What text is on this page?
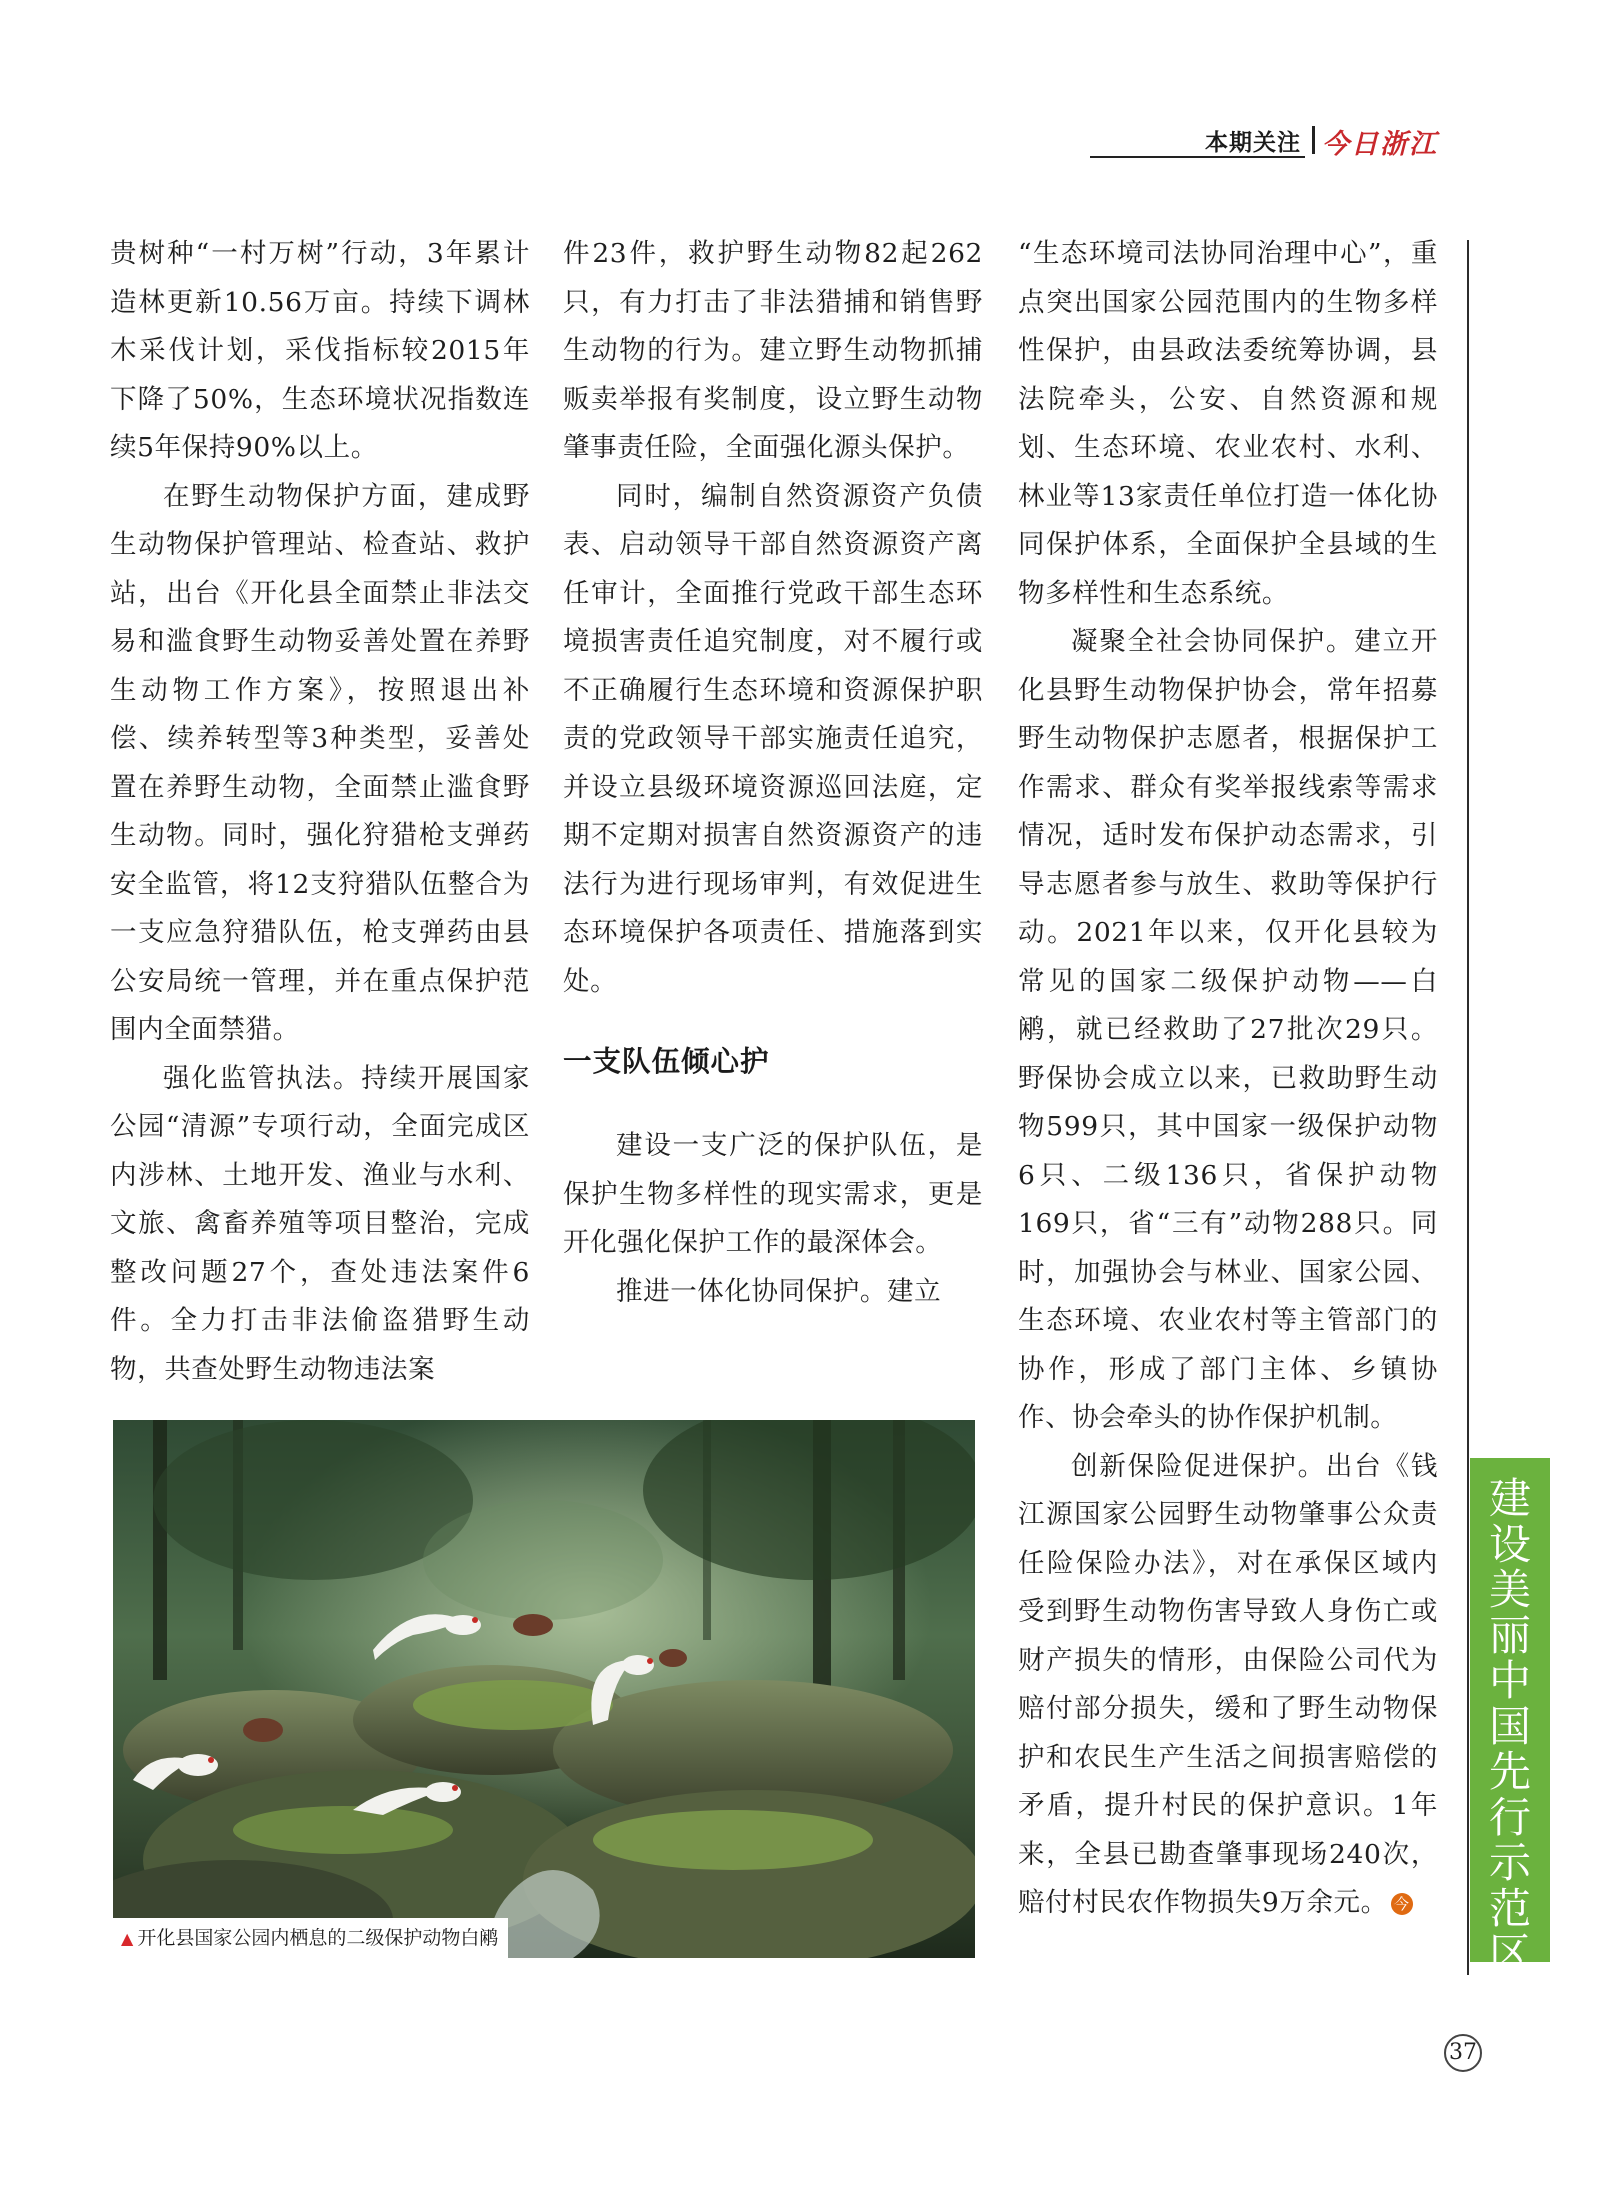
本期关注 今日浙江

贵树种“一村万树”行动，3年累计造林更新10.56万亩。持续下调林木采伐计划，采伐指标较2015年下降了50%，生态环境状况指数连续5年保持90%以上。

在野生动物保护方面，建成野生动物保护管理站、检查站、救护站，出台《开化县全面禁止非法交易和滥食野生动物妥善处置在养野生动物工作方案》，按照退出补偿、续养转型等3种类型，妥善处置在养野生动物，全面禁止滥食野生动物。同时，强化狩猎枪支弹药安全监管，将12支狩猎队伍整合为一支应急狩猎队伍，枪支弹药由县公安局统一管理，并在重点保护范围内全面禁猎。

强化监管执法。持续开展国家公园“清源”专项行动，全面完成区内涉林、土地开发、渔业与水利、文旅、禽畜养殖等项目整治，完成整改问题27个，查处违法案件6件。全力打击非法偷盗猎野生动物，共查处野生动物违法案

件23件，救护野生动物82起262只，有力打击了非法猎捕和销售野生动物的行为。建立野生动物抓捕贩卖举报有奖制度，设立野生动物肇事责任险，全面强化源头保护。

同时，编制自然资源资产负债表、启动领导干部自然资源资产离任审计，全面推行党政干部生态环境损害责任追究制度，对不履行或不正确履行生态环境和资源保护职责的党政领导干部实施责任追究，并设立县级环境资源巡回法庭，定期不定期对损害自然资源资产的违法行为进行现场审判，有效促进生态环境保护各项责任、措施落到实处。

一支队伍倾心护

建设一支广泛的保护队伍，是保护生物多样性的现实需求，更是开化强化保护工作的最深体会。

推进一体化协同保护。建立

“生态环境司法协同治理中心”，重点突出国家公园范围内的生物多样性保护，由县政法委统筹协调，县法院牵头，公安、自然资源和规划、生态环境、农业农村、水利、林业等13家责任单位打造一体化协同保护体系，全面保护全县域的生物多样性和生态系统。

凝聚全社会协同保护。建立开化县野生动物保护协会，常年招募野生动物保护志愿者，根据保护工作需求、群众有奖举报线索等需求情况，适时发布保护动态需求，引导志愿者参与放生、救助等保护行动。2021年以来，仅开化县较为常见的国家二级保护动物——白鹇，就已经救助了27批次29只。野保协会成立以来，已救助野生动物599只，其中国家一级保护动物6只、二级136只，省保护动物169只，省“三有”动物288只。同时，加强协会与林业、国家公园、生态环境、农业农村等主管部门的协作，形成了部门主体、乡镇协作、协会牵头的协作保护机制。

创新保险促进保护。出台《钱江源国家公园野生动物肇事公众责任险保险办法》，对在承保区域内受到野生动物伤害导致人身伤亡或财产损失的情形，由保险公司代为赔付部分损失，缓和了野生动物保护和农民生产生活之间损害赔偿的矛盾，提升村民的保护意识。1年来，全县已勘查肇事现场240次，赔付村民农作物损失9万余元。 今

建设美丽中国先行示范区
▲ 开化县国家公园内栖息的二级保护动物白鹇
37
